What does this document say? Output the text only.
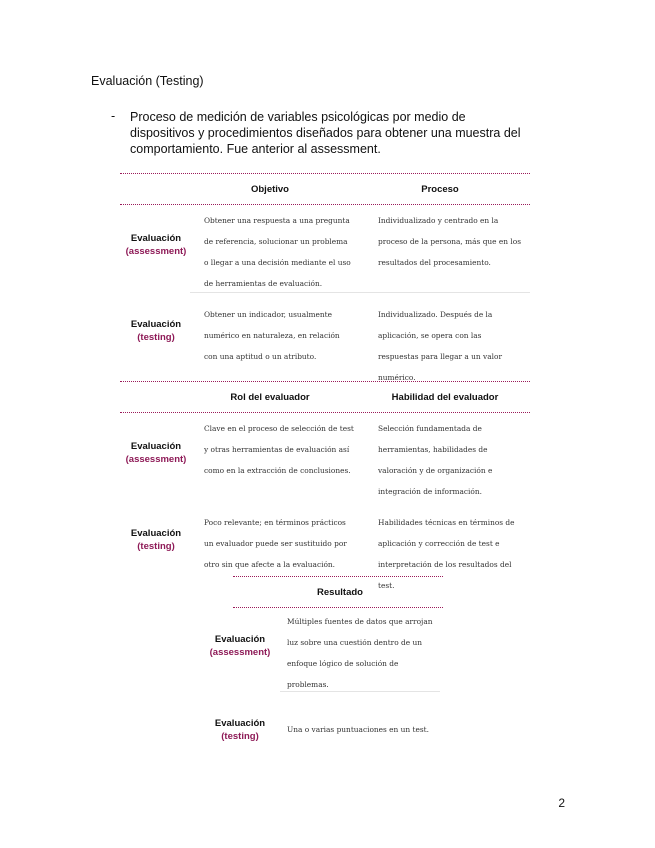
Evaluación (Testing)
- Proceso de medición de variables psicológicas por medio de dispositivos y procedimientos diseñados para obtener una muestra del comportamiento. Fue anterior al assessment.
Objetivo	Proceso
Evaluación
(assessment)
Obtener una respuesta a una pregunta de referencia, solucionar un problema o llegar a una decisión mediante el uso de herramientas de evaluación.
Individualizado y centrado en la proceso de la persona, más que en los resultados del procesamiento.
Evaluación
(testing)
Obtener un indicador, usualmente numérico en naturaleza, en relación con una aptitud o un atributo.
Individualizado. Después de la aplicación, se opera con las respuestas para llegar a un valor numérico.
Rol del evaluador	Habilidad del evaluador
Evaluación
(assessment)
Clave en el proceso de selección de test y otras herramientas de evaluación así como en la extracción de conclusiones.
Selección fundamentada de herramientas, habilidades de valoración y de organización e integración de información.
Evaluación
(testing)
Poco relevante; en términos prácticos un evaluador puede ser sustituido por otro sin que afecte a la evaluación.
Habilidades técnicas en términos de aplicación y corrección de test e interpretación de los resultados del test.
Resultado
Evaluación
(assessment)
Múltiples fuentes de datos que arrojan luz sobre una cuestión dentro de un enfoque lógico de solución de problemas.
Evaluación
(testing)
Una o varias puntuaciones en un test.
2
